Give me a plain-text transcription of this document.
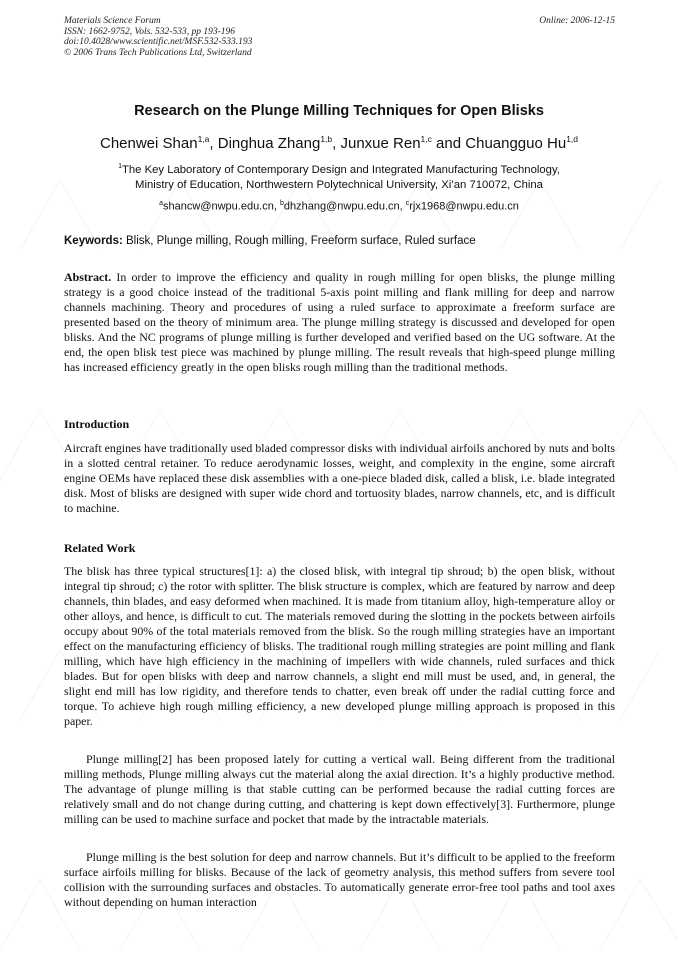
Materials Science Forum
ISSN: 1662-9752, Vols. 532-533, pp 193-196
doi:10.4028/www.scientific.net/MSF.532-533.193
© 2006 Trans Tech Publications Ltd, Switzerland
Online: 2006-12-15
Research on the Plunge Milling Techniques for Open Blisks
Chenwei Shan$^{1,a}$, Dinghua Zhang$^{1,b}$, Junxue Ren$^{1,c}$ and Chuangguo Hu$^{1,d}$
$^1$The Key Laboratory of Contemporary Design and Integrated Manufacturing Technology,
Ministry of Education, Northwestern Polytechnical University, Xi’an 710072, China
$^a$shancw@nwpu.edu.cn, $^b$dhzhang@nwpu.edu.cn, $^c$rjx1968@nwpu.edu.cn
Keywords: Blisk, Plunge milling, Rough milling, Freeform surface, Ruled surface

Abstract. In order to improve the efficiency and quality in rough milling for open blisks, the plunge milling strategy is a good choice instead of the traditional 5-axis point milling and flank milling for deep and narrow channels machining. Theory and procedures of using a ruled surface to approximate a freeform surface are presented based on the theory of minimum area. The plunge milling strategy is discussed and developed for open blisks. And the NC programs of plunge milling is further developed and verified based on the UG software. At the end, the open blisk test piece was machined by plunge milling. The result reveals that high-speed plunge milling has increased efficiency greatly in the open blisks rough milling than the traditional methods.

Introduction

Aircraft engines have traditionally used bladed compressor disks with individual airfoils anchored by nuts and bolts in a slotted central retainer. To reduce aerodynamic losses, weight, and complexity in the engine, some aircraft engine OEMs have replaced these disk assemblies with a one-piece bladed disk, called a blisk, i.e. blade integrated disk. Most of blisks are designed with super wide chord and tortuosity blades, narrow channels, etc, and is difficult to machine.

Related Work

The blisk has three typical structures[1]: a) the closed blisk, with integral tip shroud; b) the open blisk, without integral tip shroud; c) the rotor with splitter. The blisk structure is complex, which are featured by narrow and deep channels, thin blades, and easy deformed when machined. It is made from titanium alloy, high-temperature alloy or other alloys, and hence, is difficult to cut. The materials removed during the slotting in the pockets between airfoils occupy about 90% of the total materials removed from the blisk. So the rough milling strategies have an important effect on the manufacturing efficiency of blisks. The traditional rough milling strategies are point milling and flank milling, which have high efficiency in the machining of impellers with wide channels, ruled surfaces and thick blades. But for open blisks with deep and narrow channels, a slight end mill must be used, and, in general, the slight end mill has low rigidity, and therefore tends to chatter, even break off under the radial cutting force and torque. To achieve high rough milling efficiency, a new developed plunge milling approach is proposed in this paper.

Plunge milling[2] has been proposed lately for cutting a vertical wall. Being different from the traditional milling methods, Plunge milling always cut the material along the axial direction. It’s a highly productive method. The advantage of plunge milling is that stable cutting can be performed because the radial cutting forces are relatively small and do not change during cutting, and chattering is kept down effectively[3]. Furthermore, plunge milling can be used to machine surface and pocket that made by the intractable materials.

Plunge milling is the best solution for deep and narrow channels. But it’s difficult to be applied to the freeform surface airfoils milling for blisks. Because of the lack of geometry analysis, this method suffers from severe tool collision with the surrounding surfaces and obstacles. To automatically generate error-free tool paths and tool axes without depending on human interaction
